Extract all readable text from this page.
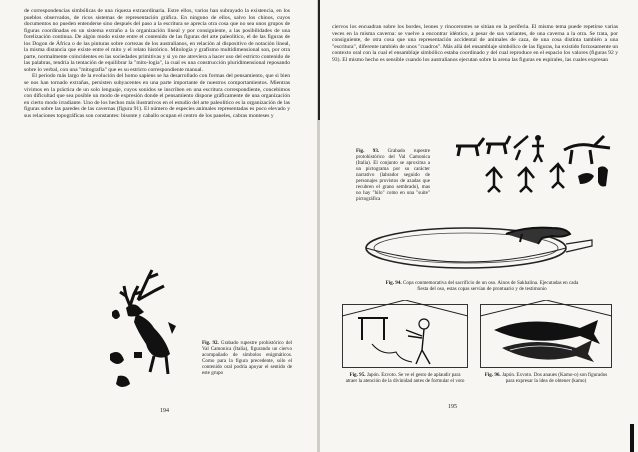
de correspondencias simbólicas de una riqueza extraordinaria. Estre ellos, varios han subrayado la existencia, en los pueblos observados, de ricos sistemas de representación gráfica. En ninguno de ellos, salvo los chinos, cuyos documentos no pueden entenderse sino después del paso a la escritura se aprecia otra cosa que no sea unos grupos de figuras coordinadas en un sistema extraño a la organización lineal y por consiguiente, a las posibilidades de una forelización continua. De algún modo existe entre el contenido de las figuras del arte paleolítico, el de las figuras de los Dogon de África o de las pinturas sobre cortezas de los australianos, en relación al dispositivo de notación lineal, la misma distancia que existe entre el mito y el relato histórico. Mitología y grafismo multidimensional son, por otra parte, normalmente coincidentes en las sociedades primitivas y si yo me atreviera a hacer uso del estricto contenido de las palabras, tendría la tentación de equilibrar la "mito-logía", la cual es una construcción pluridimensional reposando sobre lo verbal, con una "mitografía" que es su estricto correspondiente manual.

El período más largo de la evolución del homo sapiens se ha desarrollado con formas del pensamiento, que si bien se nos han tornado extrañas, persisten subyacentes en una parte importante de nuestros comportamientos. Mientras vivimos en la práctica de un solo lenguaje, cuyos sonidos se inscriben en una escritura correspondiente, concebimos con dificultad que sea posible un modo de expresión donde el pensamiento dispone gráficamente de una organización en cierto modo irradiante. Uno de los hechos más ilustrativos en el estudio del arte paleolítico es la organización de las figuras sobre las paredes de las cavernas (figura 91). El número de especies animales representadas es poco elevado y sus relaciones topográficas son constantes: bisonte y caballo ocupan el centro de los paneles, cabras monteses y

Fig. 92. Grabado rupestre prohistórico del Val Camonica (Italia), figurando un ciervo acompañado de símbolos enigmáticos. Como para la figura precedente, sólo el contenido oral podría apoyar el sentido de este grupo
194

ciervos los encuadran sobre los bordes, leones y rinocerontes se sitúan en la periferia. El mismo tema puede repetirse varias veces en la misma caverna: se vuelve a encontrar idéntico, a pesar de sus variantes, de una caverna a la otra. Se trata, por consiguiente, de otra cosa que una representación accidental de animales de caza, de una cosa distinta también a una "escritura", diferente también de unos "cuadros". Más allá del ensamblaje simbólico de las figuras, ha existido forzosamente un contexto oral con la cual el ensamblaje simbólico estaba coordinado y del cual reproduce en el espacio los valores (figuras 92 y 93). El mismo hecho es sensible cuando los australianos ejecutan sobre la arena las figuras en espirales, las cuales expresan

Fig. 93. Grabado rupestre protohistórico del Val Camonica (Italia). El conjunto se aproxima a un pictograma por su carácter narrativo (labrador seguido de personajes provistos de azadas que recubren el grano sembrado), mas no hay "hilo" como en una "suite" pictográfica
Fig. 94. Copa conmemorativa del sacrificio de un oso. Ainos de Sakhalina. Ejecutadas en cada fiesta del oso, estas copas servían de prontuario y de testimonio
Fig. 95. Japón. Ezvoto. Se ve el gesto de aplaudir para atraer la atención de la divinidad antes de formular el voto
Fig. 96. Japón. Exvoto. Dos anaues (Kamo-o) son figurados para expresar la idea de obtener (kamo)
195
